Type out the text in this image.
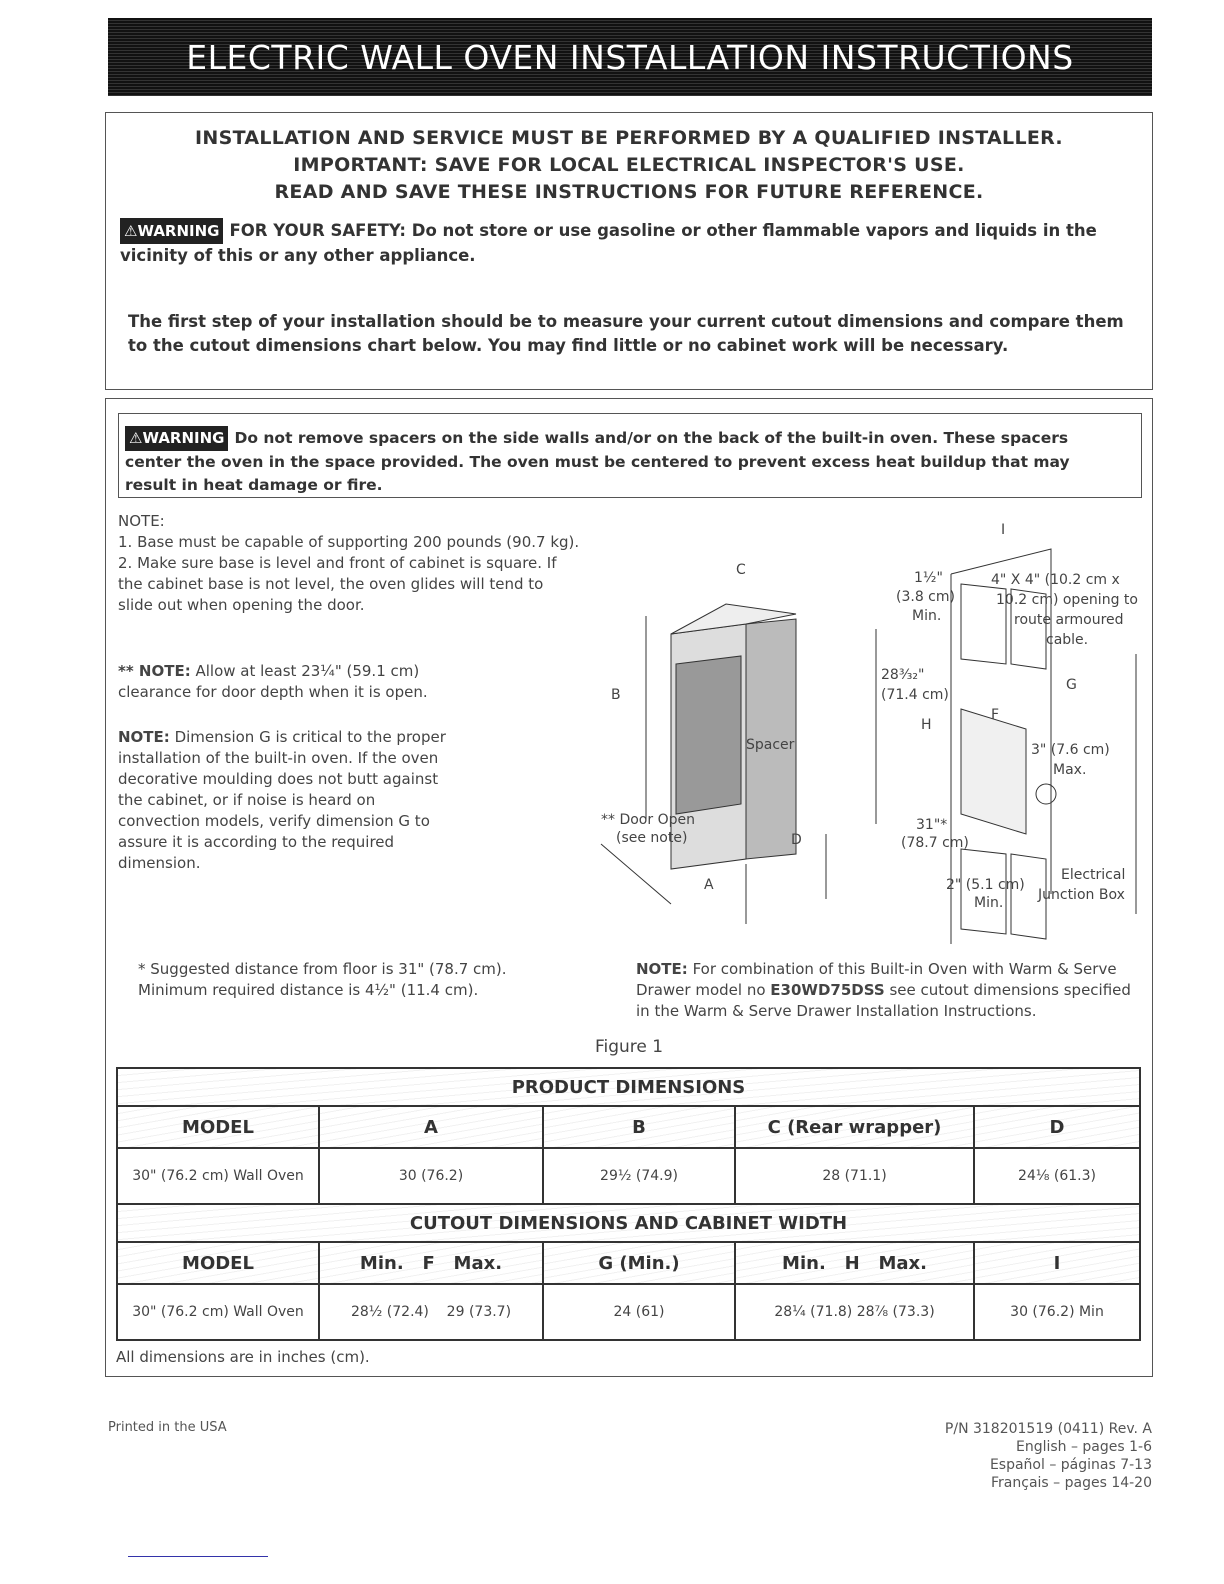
ELECTRIC WALL OVEN INSTALLATION INSTRUCTIONS
INSTALLATION AND SERVICE MUST BE PERFORMED BY A QUALIFIED INSTALLER.
IMPORTANT: SAVE FOR LOCAL ELECTRICAL INSPECTOR'S USE.
READ AND SAVE THESE INSTRUCTIONS FOR FUTURE REFERENCE.
⚠WARNING FOR YOUR SAFETY: Do not store or use gasoline or other flammable vapors and liquids in the vicinity of this or any other appliance.
The first step of your installation should be to measure your current cutout dimensions and compare them to the cutout dimensions chart below. You may find little or no cabinet work will be necessary.
⚠WARNING Do not remove spacers on the side walls and/or on the back of the built-in oven. These spacers center the oven in the space provided. The oven must be centered to prevent excess heat buildup that may result in heat damage or fire.
NOTE:
1. Base must be capable of supporting 200 pounds (90.7 kg).
2. Make sure base is level and front of cabinet is square. If the cabinet base is not level, the oven glides will tend to slide out when opening the door.
** NOTE: Allow at least 23¼" (59.1 cm) clearance for door depth when it is open.
NOTE: Dimension G is critical to the proper installation of the built-in oven. If the oven decorative moulding does not butt against the cabinet, or if noise is heard on convection models, verify dimension G to assure it is according to the required dimension.
* Suggested distance from floor is 31" (78.7 cm). Minimum required distance is 4½" (11.4 cm).
NOTE: For combination of this Built-in Oven with Warm & Serve Drawer model no E30WD75DSS see cutout dimensions specified in the Warm & Serve Drawer Installation Instructions.
C
B
Spacer
28³⁄₃₂"
(71.4 cm)
** Door Open
(see note)	D
A
I
1½"
(3.8 cm)
Min.
4" X 4" (10.2 cm x
10.2 cm) opening to
route armoured
cable.
G
F
H
3" (7.6 cm)
Max.
31"*
(78.7 cm)
2" (5.1 cm)
Min.
Electrical
Junction Box
Figure 1
PRODUCT DIMENSIONS				
MODEL	A	B	C (Rear wrapper)	D
30" (76.2 cm) Wall Oven	30 (76.2)	29½ (74.9)	28 (71.1)	24⅛ (61.3)
CUTOUT DIMENSIONS AND CABINET WIDTH				
MODEL	Min.   F   Max.	G (Min.)	Min.   H   Max.	I
30" (76.2 cm) Wall Oven	28½ (72.4)    29 (73.7)	24 (61)	28¼ (71.8) 28⅞ (73.3)	30 (76.2) Min
All dimensions are in inches (cm).
Printed in the USA	P/N 318201519 (0411) Rev. A
English – pages 1-6
Español – páginas 7-13
Français – pages 14-20
